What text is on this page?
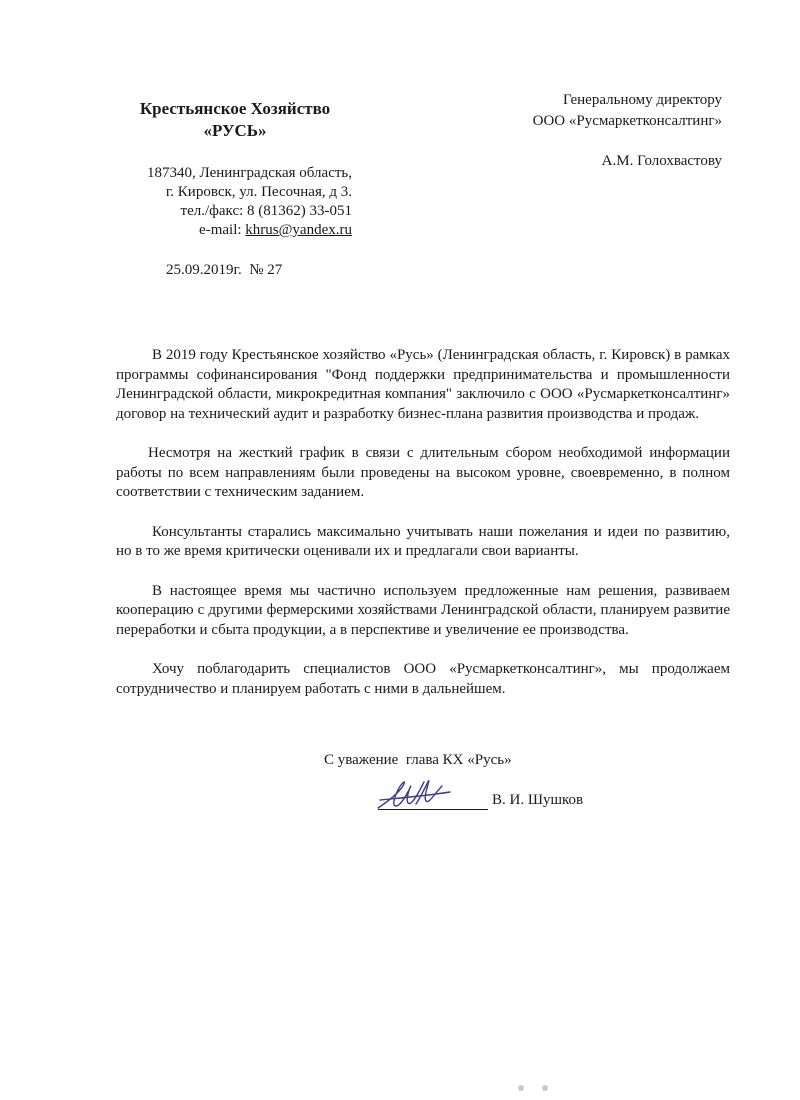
Крестьянское Хозяйство
«РУСЬ»
187340, Ленинградская область,
г. Кировск, ул. Песочная, д 3.
тел./факс: 8 (81362) 33-051
e-mail: khrus@yandex.ru
Генеральному директору
ООО «Русмаркетконсалтинг»
А.М. Голохвастову
25.09.2019г.  № 27

В 2019 году Крестьянское хозяйство «Русь» (Ленинградская область, г. Кировск) в рамках программы софинансирования "Фонд поддержки предпринимательства и промышленности Ленинградской области, микрокредитная компания" заключило с ООО «Русмаркетконсалтинг» договор на технический аудит и разработку бизнес-плана развития производства и продаж.

Несмотря на жесткий график в связи с длительным сбором необходимой информации работы по всем направлениям были проведены на высоком уровне, своевременно, в полном соответствии с техническим заданием.

Консультанты старались максимально учитывать наши пожелания и идеи по развитию, но в то же время критически оценивали их и предлагали свои варианты.

В настоящее время мы частично используем предложенные нам решения, развиваем кооперацию с другими фермерскими хозяйствами Ленинградской области, планируем развитие переработки и сбыта продукции, а в перспективе и увеличение ее производства.

Хочу поблагодарить специалистов ООО «Русмаркетконсалтинг», мы продолжаем сотрудничество и планируем работать с ними в дальнейшем.

С уважение  глава КХ «Русь»
В. И. Шушков
